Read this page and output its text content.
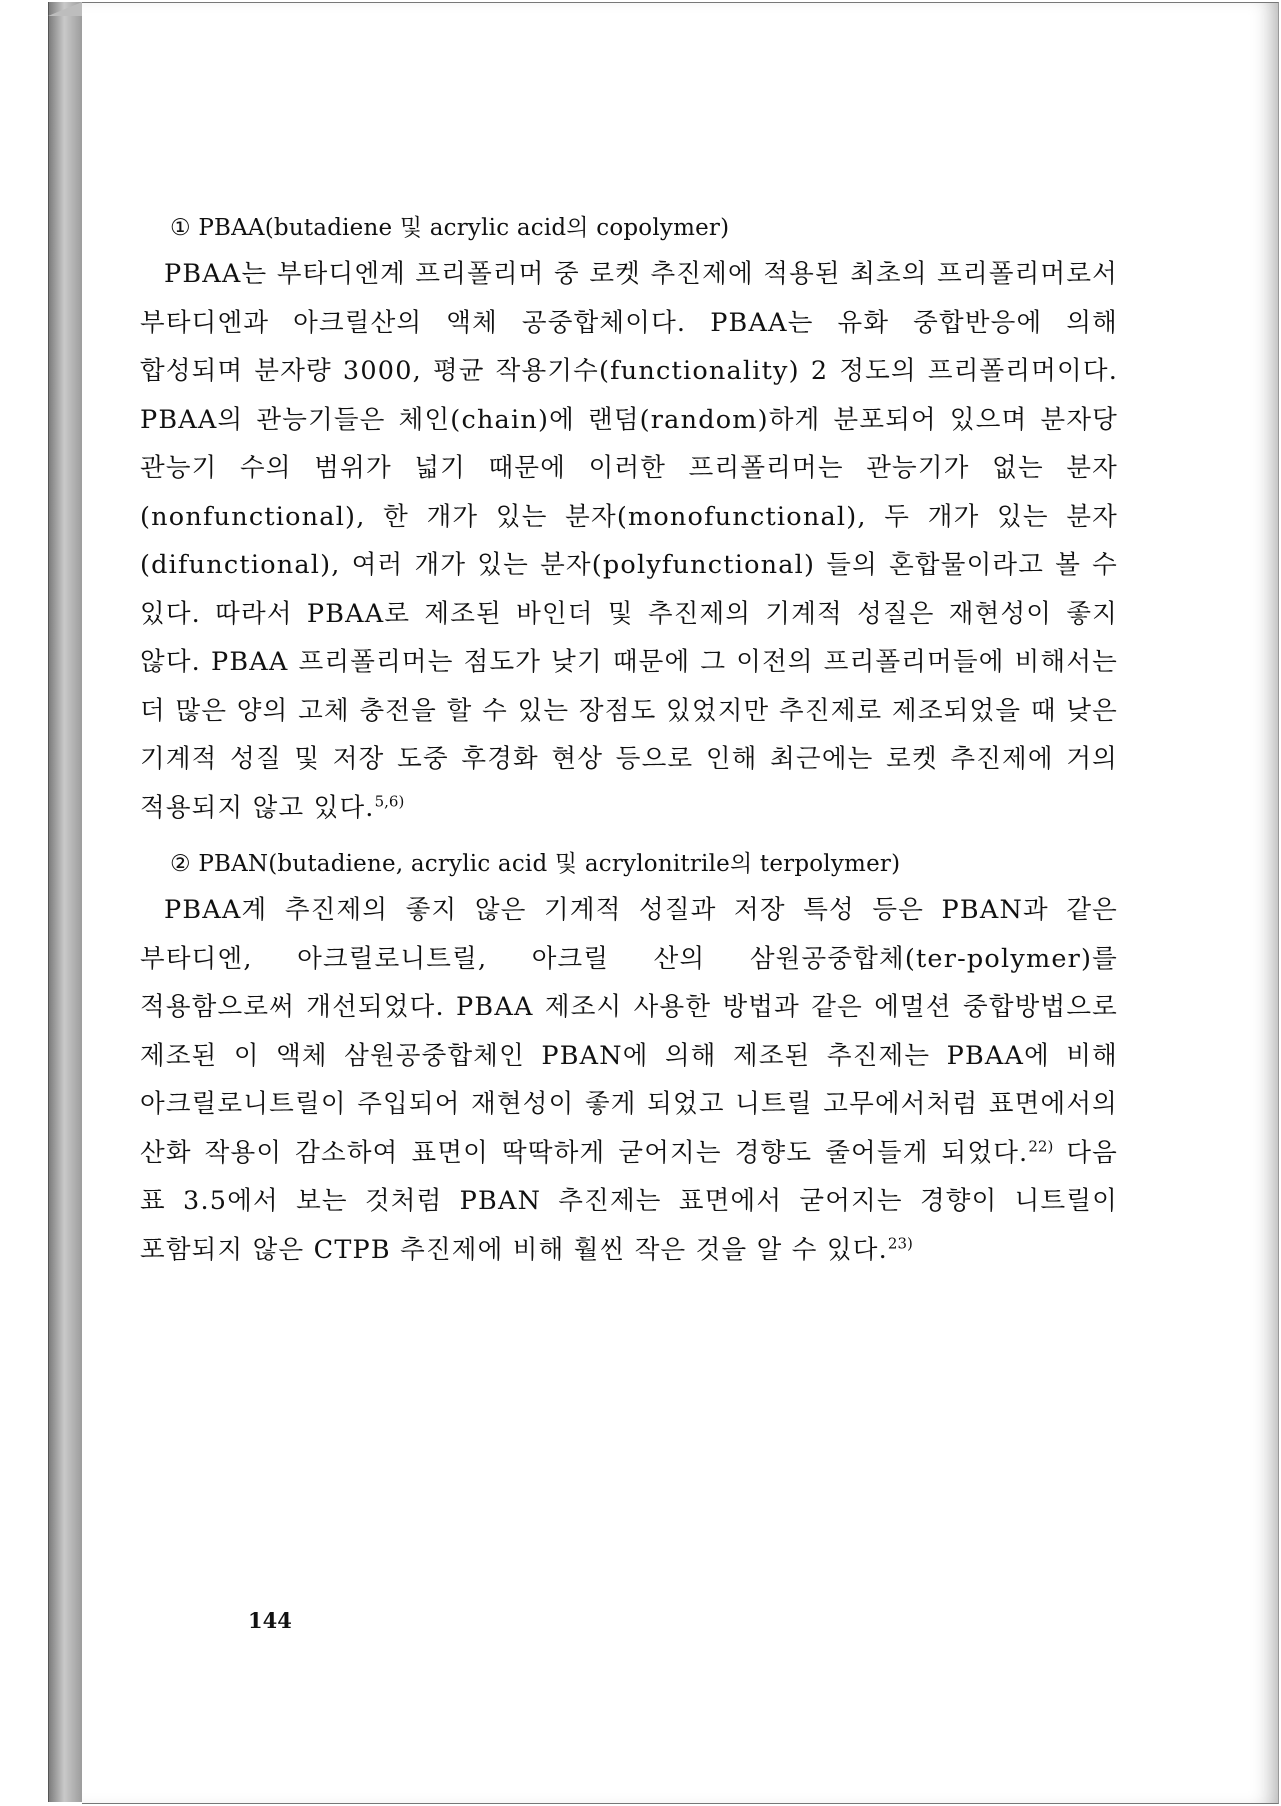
① PBAA(butadiene 및 acrylic acid의 copolymer)

PBAA는 부타디엔계 프리폴리머 중 로켓 추진제에 적용된 최초의 프리폴리머로서 부타디엔과 아크릴산의 액체 공중합체이다. PBAA는 유화 중합반응에 의해 합성되며 분자량 3000, 평균 작용기수(functionality) 2 정도의 프리폴리머이다. PBAA의 관능기들은 체인(chain)에 랜덤(random)하게 분포되어 있으며 분자당 관능기 수의 범위가 넓기 때문에 이러한 프리폴리머는 관능기가 없는 분자(nonfunctional), 한 개가 있는 분자(monofunctional), 두 개가 있는 분자(difunctional), 여러 개가 있는 분자(polyfunctional) 들의 혼합물이라고 볼 수 있다. 따라서 PBAA로 제조된 바인더 및 추진제의 기계적 성질은 재현성이 좋지 않다. PBAA 프리폴리머는 점도가 낮기 때문에 그 이전의 프리폴리머들에 비해서는 더 많은 양의 고체 충전을 할 수 있는 장점도 있었지만 추진제로 제조되었을 때 낮은 기계적 성질 및 저장 도중 후경화 현상 등으로 인해 최근에는 로켓 추진제에 거의 적용되지 않고 있다.$^{5,6)}$

② PBAN(butadiene, acrylic acid 및 acrylonitrile의 terpolymer)

PBAA계 추진제의 좋지 않은 기계적 성질과 저장 특성 등은 PBAN과 같은 부타디엔, 아크릴로니트릴, 아크릴 산의 삼원공중합체(ter-polymer)를 적용함으로써 개선되었다. PBAA 제조시 사용한 방법과 같은 에멀션 중합방법으로 제조된 이 액체 삼원공중합체인 PBAN에 의해 제조된 추진제는 PBAA에 비해 아크릴로니트릴이 주입되어 재현성이 좋게 되었고 니트릴 고무에서처럼 표면에서의 산화 작용이 감소하여 표면이 딱딱하게 굳어지는 경향도 줄어들게 되었다.$^{22)}$ 다음 표 3.5에서 보는 것처럼 PBAN 추진제는 표면에서 굳어지는 경향이 니트릴이 포함되지 않은 CTPB 추진제에 비해 훨씬 작은 것을 알 수 있다.$^{23)}$

144
